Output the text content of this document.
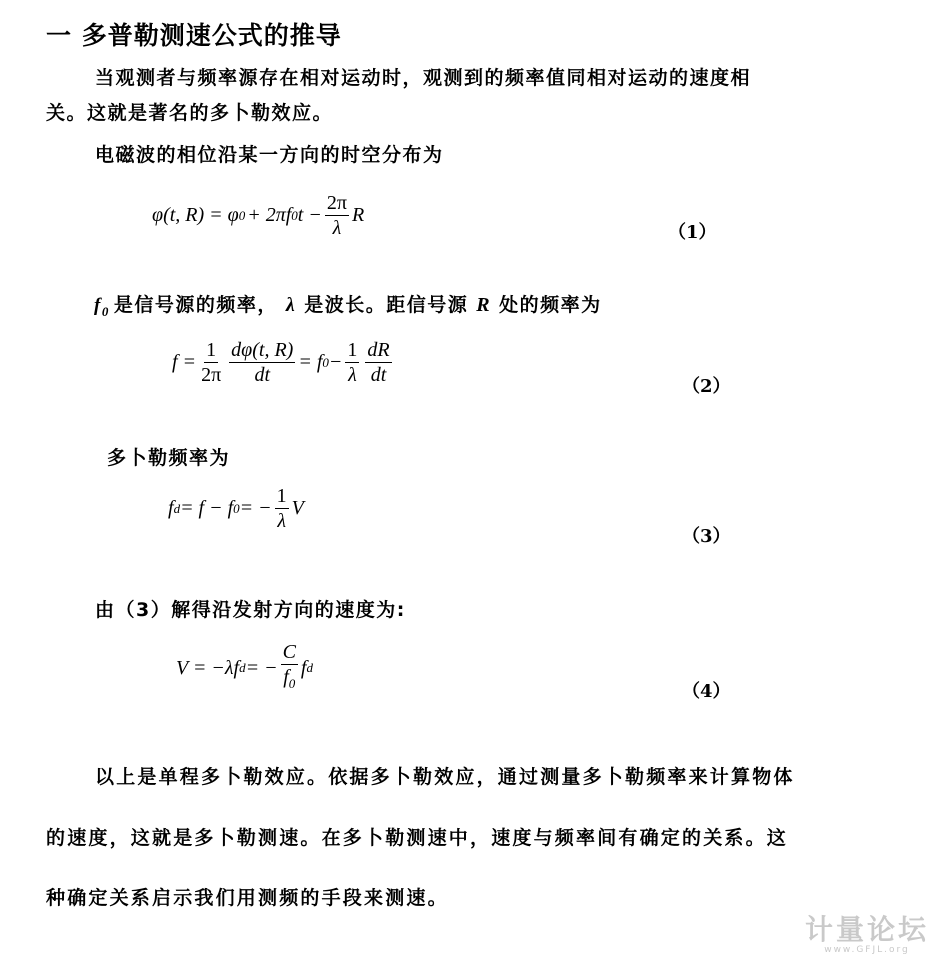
一 多普勒测速公式的推导
当观测者与频率源存在相对运动时，观测到的频率值同相对运动的速度相
关。这就是著名的多卜勒效应。
电磁波的相位沿某一方向的时空分布为
φ(t, R) = φ 0 + 2πf 0 $t - \frac{2\pi}{\lambda}$ R
（1）
$f_0$ 是信号源的频率， λ 是波长。距信号源 R 处的频率为
$f = \frac{1}{2\pi} \frac{d\varphi(t, R)}{dt} = f$ $0 - \frac{1}{\lambda} \frac{dR}{dt}$
（2）
多卜勒频率为
f d = f − f 0 = − $\frac{1}{\lambda}$ V
（3）
由（3）解得沿发射方向的速度为:
V = −λf d = − $\frac{C}{f_0}$ f d
（4）
以上是单程多卜勒效应。依据多卜勒效应，通过测量多卜勒频率来计算物体
的速度，这就是多卜勒测速。在多卜勒测速中，速度与频率间有确定的关系。这
种确定关系启示我们用测频的手段来测速。
计量论坛
www.GFJL.org
